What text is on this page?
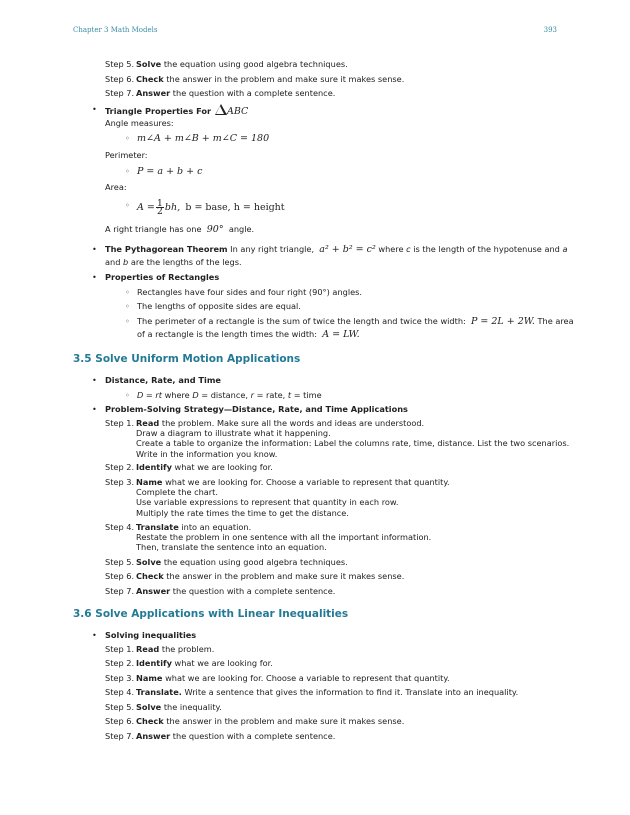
Chapter 3 Math Models	393
Step 5. Solve the equation using good algebra techniques.
Step 6. Check the answer in the problem and make sure it makes sense.
Step 7. Answer the question with a complete sentence.
• Triangle Properties For ABC
Angle measures:
◦ m∠A + m∠B + m∠C = 180
Perimeter:
◦ P = a + b + c
Area:
◦ $A = \frac{1}{2}$ bh, b = base, h = height
A right triangle has one 90° angle.
• The Pythagorean Theorem In any right triangle, a² + b² = c² where c is the length of the hypotenuse and a
and b are the lengths of the legs.
• Properties of Rectangles
◦ Rectangles have four sides and four right (90°) angles.
◦ The lengths of opposite sides are equal.
◦ The perimeter of a rectangle is the sum of twice the length and twice the width: P = 2L + 2W. The area
of a rectangle is the length times the width: A = LW.
3.5 Solve Uniform Motion Applications
• Distance, Rate, and Time
◦ D = rt where D = distance, r = rate, t = time
• Problem-Solving Strategy—Distance, Rate, and Time Applications
Step 1. Read the problem. Make sure all the words and ideas are understood.
Draw a diagram to illustrate what it happening.
Create a table to organize the information: Label the columns rate, time, distance. List the two scenarios.
Write in the information you know.
Step 2. Identify what we are looking for.
Step 3. Name what we are looking for. Choose a variable to represent that quantity.
Complete the chart.
Use variable expressions to represent that quantity in each row.
Multiply the rate times the time to get the distance.
Step 4. Translate into an equation.
Restate the problem in one sentence with all the important information.
Then, translate the sentence into an equation.
Step 5. Solve the equation using good algebra techniques.
Step 6. Check the answer in the problem and make sure it makes sense.
Step 7. Answer the question with a complete sentence.
3.6 Solve Applications with Linear Inequalities
• Solving inequalities
Step 1. Read the problem.
Step 2. Identify what we are looking for.
Step 3. Name what we are looking for. Choose a variable to represent that quantity.
Step 4. Translate. Write a sentence that gives the information to find it. Translate into an inequality.
Step 5. Solve the inequality.
Step 6. Check the answer in the problem and make sure it makes sense.
Step 7. Answer the question with a complete sentence.
